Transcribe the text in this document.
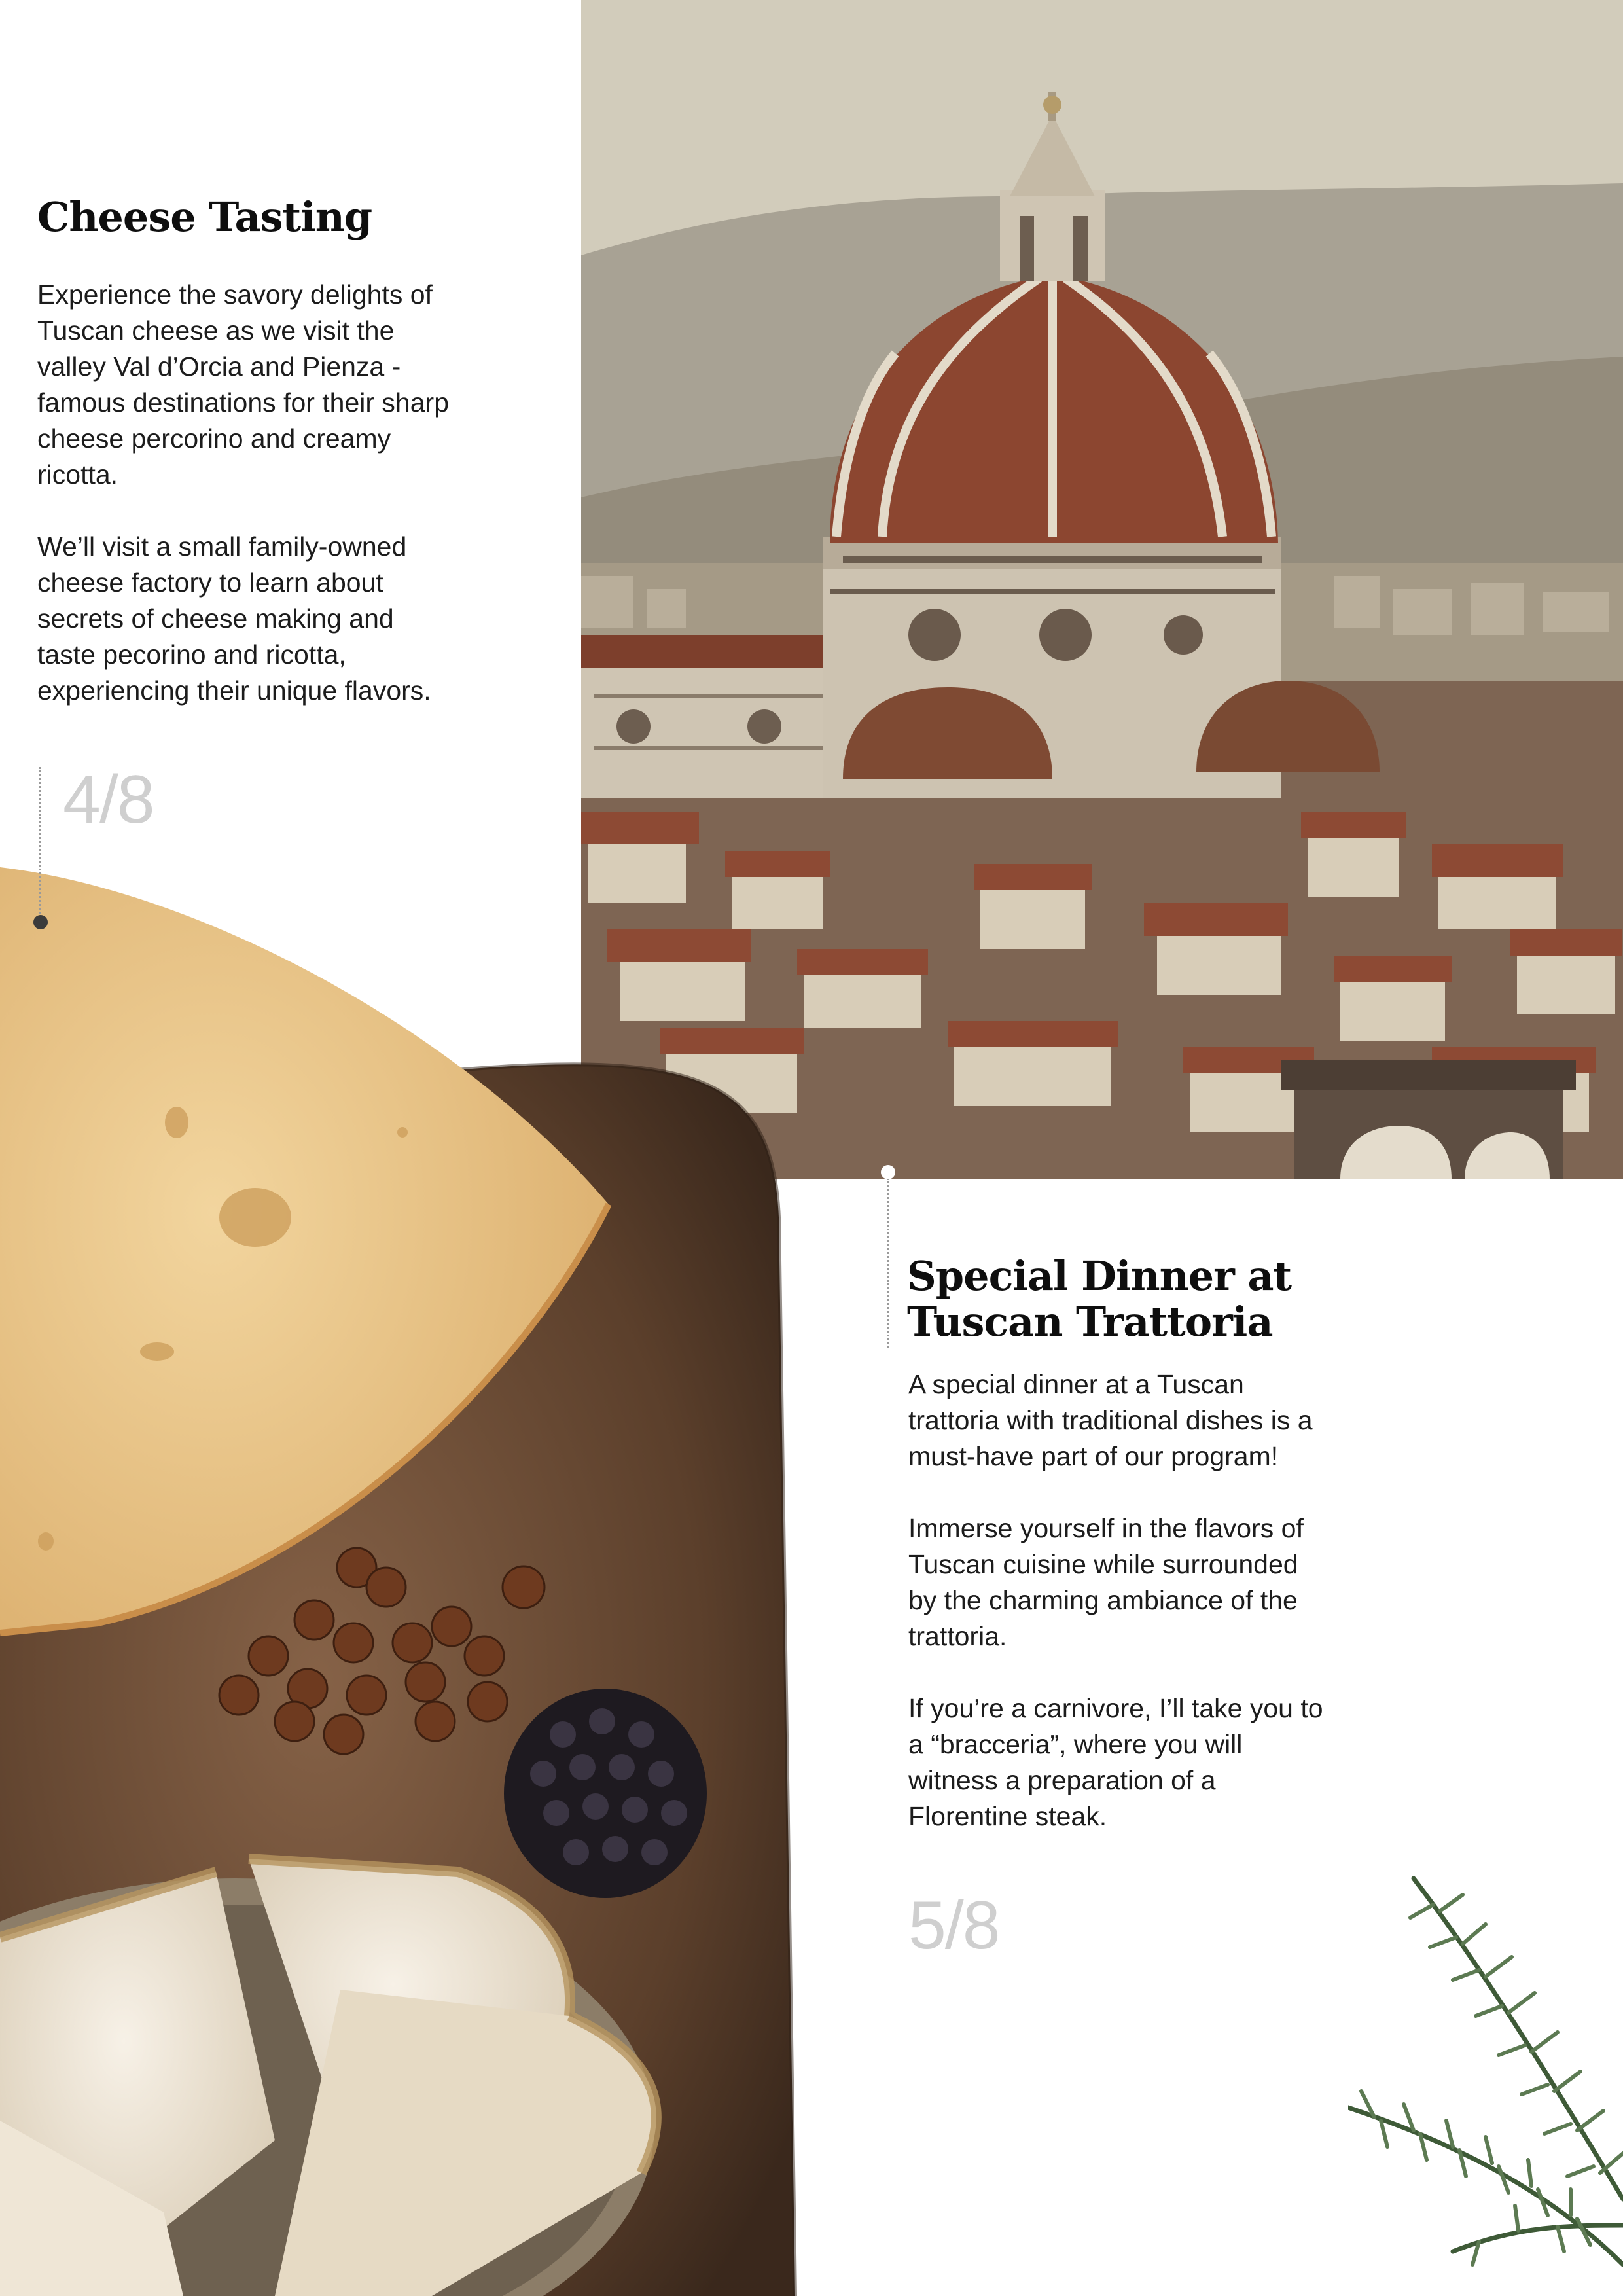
Cheese Tasting

Experience the savory delights of Tuscan cheese as we visit the valley Val d’Orcia and Pienza - famous destinations for their sharp cheese percorino and creamy ricotta.

We’ll visit a small family-owned cheese factory to learn about secrets of cheese making and taste pecorino and ricotta, experiencing their unique flavors.

4/8
Special Dinner at Tuscan Trattoria

A special dinner at a Tuscan trattoria with traditional dishes is a must-have part of our program!

Immerse yourself in the flavors of Tuscan cuisine while surrounded by the charming ambiance of the trattoria.

If you’re a carnivore, I’ll take you to a “bracceria”, where you will witness a preparation of a Florentine steak.

5/8
